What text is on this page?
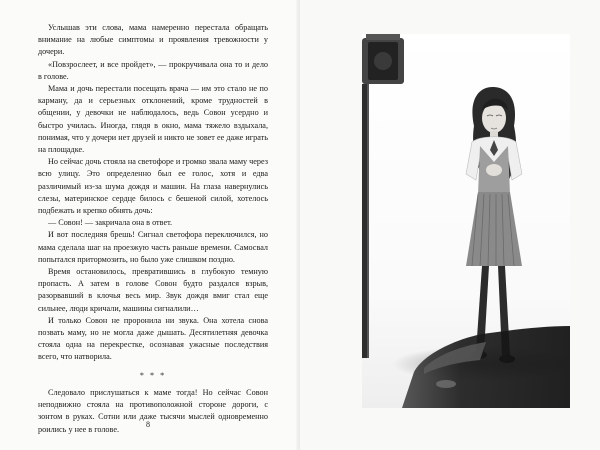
Услышав эти слова, мама намеренно перестала обращать внимание на любые симптомы и проявления тревожности у дочери.

«Повзрослеет, и все пройдет», — прокручивала она то и дело в голове.

Мама и дочь перестали посещать врача — им это стало не по карману, да и серьезных отклонений, кроме трудностей в общении, у девочки не наблюдалось, ведь Совон усердно и быстро училась. Иногда, глядя в окно, мама тяжело вздыхала, понимая, что у дочери нет друзей и никто не зовет ее даже играть на площадке.

Но сейчас дочь стояла на светофоре и громко звала маму через всю улицу. Это определенно был ее голос, хотя и едва различимый из-за шума дождя и машин. На глаза навернулись слезы, материнское сердце билось с бешеной силой, хотелось подбежать и крепко обнять дочь:

— Совон! — закричала она в ответ.

И вот последняя брешь! Сигнал светофора переключился, но мама сделала шаг на проезжую часть раньше времени. Самосвал попытался притормозить, но было уже слишком поздно.

Время остановилось, превратившись в глубокую темную пропасть. А затем в голове Совон будто раздался взрыв, разорвавший в клочья весь мир. Звук дождя вмиг стал еще сильнее, люди кричали, машины сигналили…

И только Совон не проронила ни звука. Она хотела снова позвать маму, но не могла даже дышать. Десятилетняя девочка стояла одна на перекрестке, осознавая ужасные последствия всего, что натворила.

* * *

Следовало прислушаться к маме тогда! Но сейчас Совон неподвижно стояла на противоположной стороне дороги, с зонтом в руках. Сотни или даже тысячи мыслей одновременно роились у нее в голове.	8
